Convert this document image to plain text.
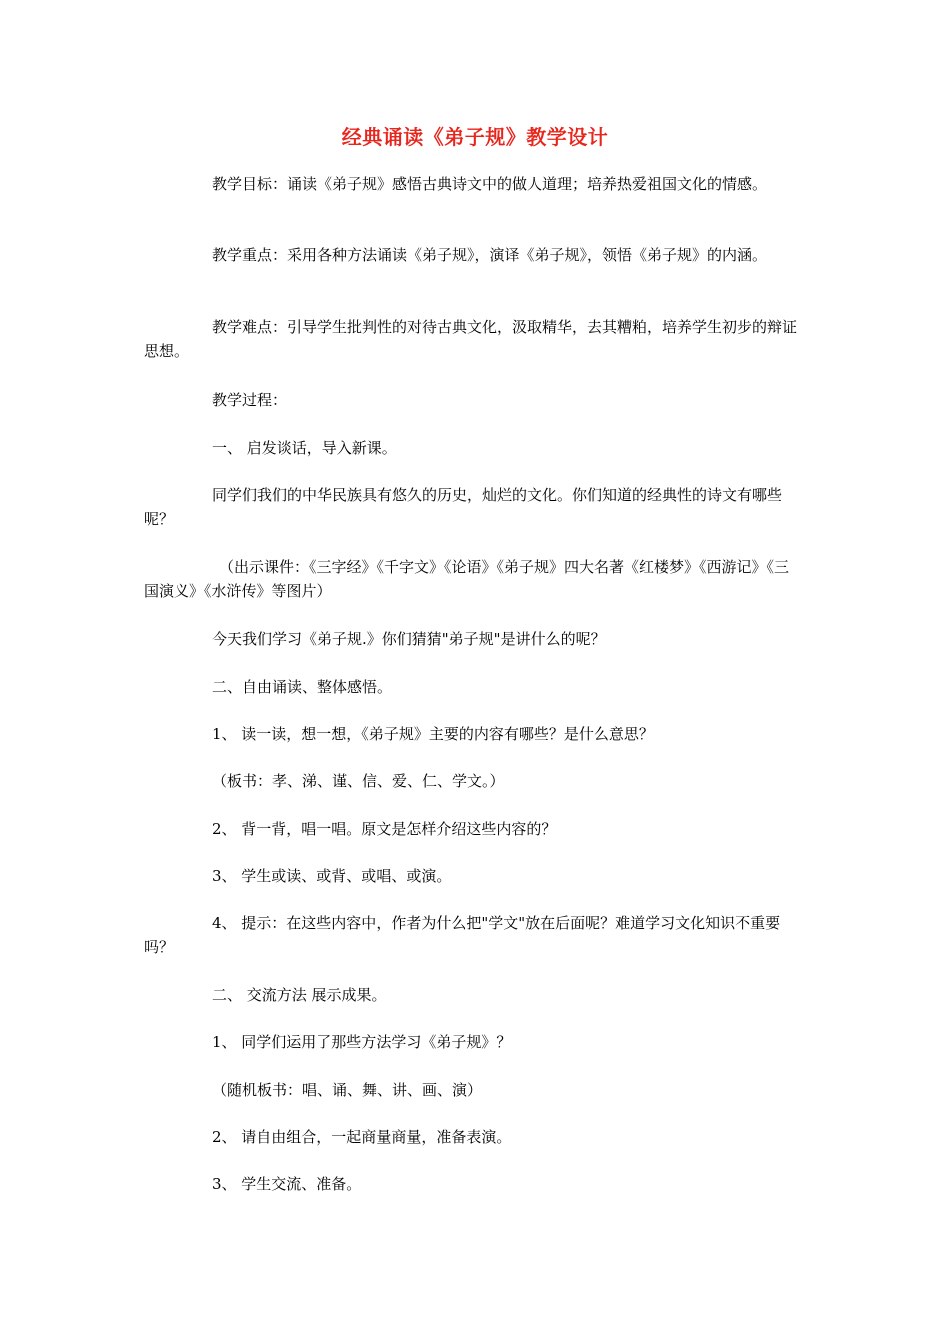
经典诵读《弟子规》教学设计

教学目标：诵读《弟子规》感悟古典诗文中的做人道理；培养热爱祖国文化的情感。

教学重点：采用各种方法诵读《弟子规》，演译《弟子规》，领悟《弟子规》的内涵。

教学难点：引导学生批判性的对待古典文化，汲取精华，去其糟粕，培养学生初步的辩证思想。

教学过程：

一、 启发谈话，导入新课。

同学们我们的中华民族具有悠久的历史，灿烂的文化。你们知道的经典性的诗文有哪些呢？

（出示课件：《三字经》《千字文》《论语》《弟子规》四大名著《红楼梦》《西游记》《三国演义》《水浒传》等图片）

今天我们学习《弟子规.》你们猜猜"弟子规"是讲什么的呢？

二、自由诵读、整体感悟。

1、 读一读，想一想，《弟子规》主要的内容有哪些？是什么意思？

（板书：孝、涕、谨、信、爱、仁、学文。）

2、 背一背，唱一唱。原文是怎样介绍这些内容的？

3、 学生或读、或背、或唱、或演。

4、 提示：在这些内容中，作者为什么把"学文"放在后面呢？难道学习文化知识不重要吗？

二、 交流方法 展示成果。

1、 同学们运用了那些方法学习《弟子规》？

（随机板书：唱、诵、舞、讲、画、演）

2、 请自由组合，一起商量商量，准备表演。

3、 学生交流、准备。
